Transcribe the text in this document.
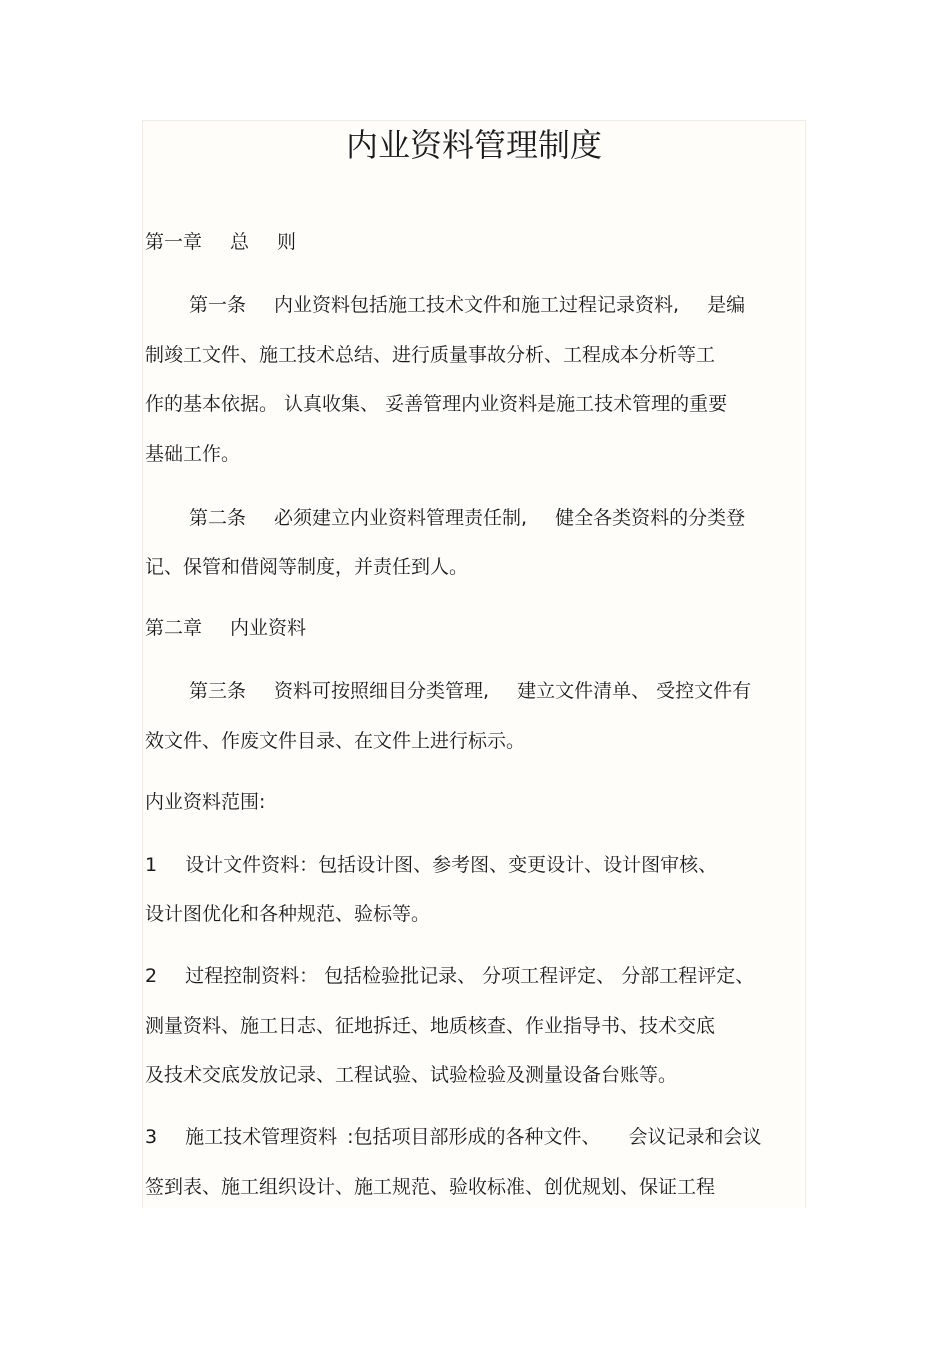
内业资料管理制度
第一章 总 则
第一条 内业资料包括施工技术文件和施工过程记录资料, 是编
制竣工文件、施工技术总结、进行质量事故分析、工程成本分析等工
作的基本依据。 认真收集、 妥善管理内业资料是施工技术管理的重要
基础工作。
第二条 必须建立内业资料管理责任制, 健全各类资料的分类登
记、保管和借阅等制度，并责任到人。
第二章 内业资料
第三条 资料可按照细目分类管理, 建立文件清单、 受控文件有
效文件、作废文件目录、在文件上进行标示。
内业资料范围:
1 设计文件资料：包括设计图、参考图、变更设计、设计图审核、
设计图优化和各种规范、验标等。
2 过程控制资料： 包括检验批记录、 分项工程评定、 分部工程评定、
测量资料、施工日志、征地拆迁、地质核查、作业指导书、技术交底
及技术交底发放记录、工程试验、试验检验及测量设备台账等。
3 施工技术管理资料 :包括项目部形成的各种文件、 会议记录和会议
签到表、施工组织设计、施工规范、验收标准、创优规划、保证工程
